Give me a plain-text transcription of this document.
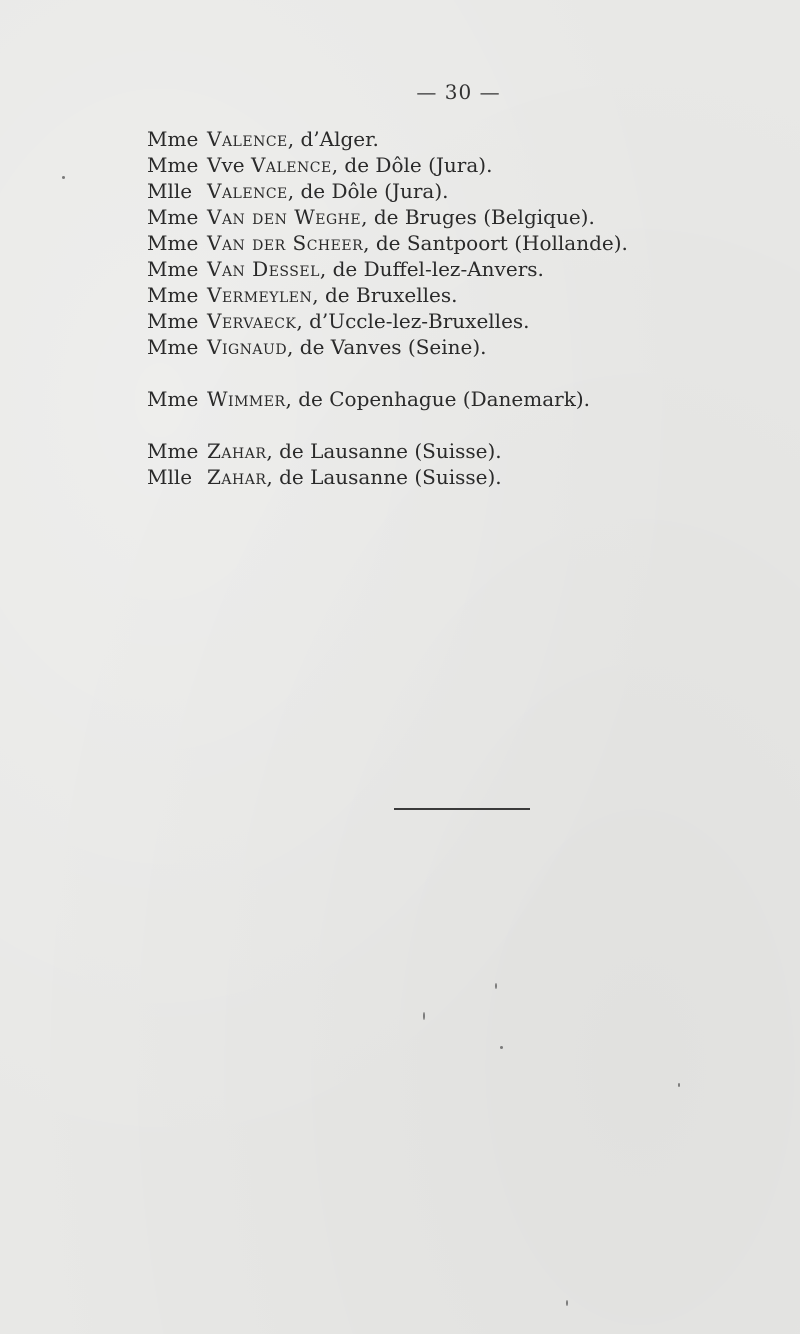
— 30 —
Mme Valence, d’Alger.
Mme Vve Valence, de Dôle (Jura).
Mlle Valence, de Dôle (Jura).
Mme Van den Weghe, de Bruges (Belgique).
Mme Van der Scheer, de Santpoort (Hollande).
Mme Van Dessel, de Duffel-lez-Anvers.
Mme Vermeylen, de Bruxelles.
Mme Vervaeck, d’Uccle-lez-Bruxelles.
Mme Vignaud, de Vanves (Seine).
Mme Wimmer, de Copenhague (Danemark).
Mme Zahar, de Lausanne (Suisse).
Mlle Zahar, de Lausanne (Suisse).
